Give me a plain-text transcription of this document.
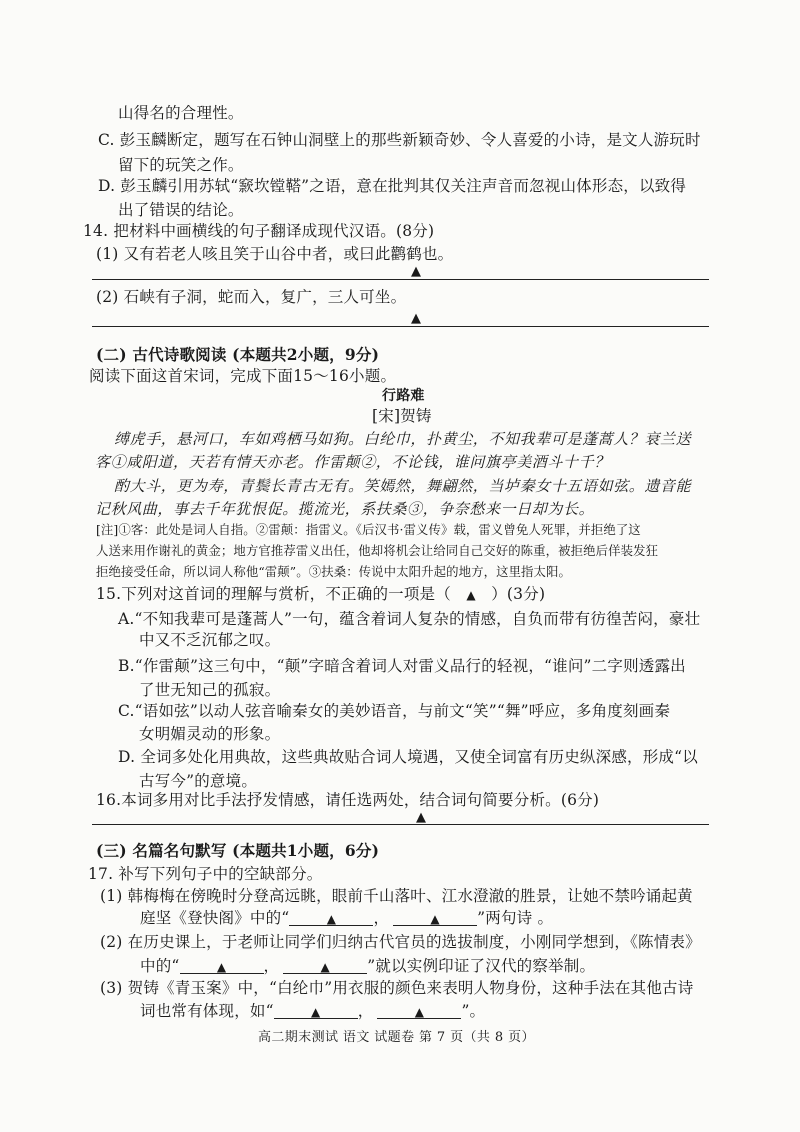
山得名的合理性。
C. 彭玉麟断定，题写在石钟山洞壁上的那些新颖奇妙、令人喜爱的小诗，是文人游玩时
留下的玩笑之作。
D. 彭玉麟引用苏轼“窾坎镗鞳”之语，意在批判其仅关注声音而忽视山体形态，以致得
出了错误的结论。
14. 把材料中画横线的句子翻译成现代汉语。(8分)
(1) 又有若老人咳且笑于山谷中者，或曰此鹳鹤也。
▲
(2) 石峡有子洞，蛇而入，复广，三人可坐。
▲
(二) 古代诗歌阅读 (本题共2小题，9分)
阅读下面这首宋词，完成下面15～16小题。
行路难
[宋]贺铸
缚虎手，悬河口，车如鸡栖马如狗。白纶巾，扑黄尘，不知我辈可是蓬蒿人？衰兰送
客①咸阳道，天若有情天亦老。作雷颠②，不论钱，谁问旗亭美酒斗十千？
酌大斗，更为寿，青鬓长青古无有。笑嫣然，舞翩然，当垆秦女十五语如弦。遗音能
记秋风曲，事去千年犹恨促。揽流光，系扶桑③，争奈愁来一日却为长。
[注]①客：此处是词人自指。②雷颠：指雷义。《后汉书·雷义传》载，雷义曾免人死罪，并拒绝了这
人送来用作谢礼的黄金；地方官推荐雷义出任，他却将机会让给同自己交好的陈重，被拒绝后佯装发狂
拒绝接受任命，所以词人称他“雷颠”。③扶桑：传说中太阳升起的地方，这里指太阳。
15.下列对这首词的理解与赏析，不正确的一项是（ ▲ ）(3分)
A.“不知我辈可是蓬蒿人”一句，蕴含着词人复杂的情感，自负而带有彷徨苦闷，豪壮
中又不乏沉郁之叹。
B.“作雷颠”这三句中，“颠”字暗含着词人对雷义品行的轻视，“谁问”二字则透露出
了世无知己的孤寂。
C.“语如弦”以动人弦音喻秦女的美妙语音，与前文“笑”“舞”呼应，多角度刻画秦
女明媚灵动的形象。
D. 全词多处化用典故，这些典故贴合词人境遇，又使全词富有历史纵深感，形成“以
古写今”的意境。
16.本词多用对比手法抒发情感，请任选两处，结合词句简要分析。(6分)
▲
(三) 名篇名句默写 (本题共1小题，6分)
17. 补写下列句子中的空缺部分。
(1) 韩梅梅在傍晚时分登高远眺，眼前千山落叶、江水澄澈的胜景，让她不禁吟诵起黄
庭坚《登快阁》中的“	▲ ，	▲ ”两句诗 。
(2) 在历史课上，于老师让同学们归纳古代官员的选拔制度，小刚同学想到，《陈情表》
中的“	▲ ，	▲ ”就以实例印证了汉代的察举制。
(3) 贺铸《青玉案》中，“白纶巾”用衣服的颜色来表明人物身份，这种手法在其他古诗
词也常有体现，如“	▲ ，	▲ ”。
高二期末测试 语文 试题卷 第 7 页（共 8 页）
